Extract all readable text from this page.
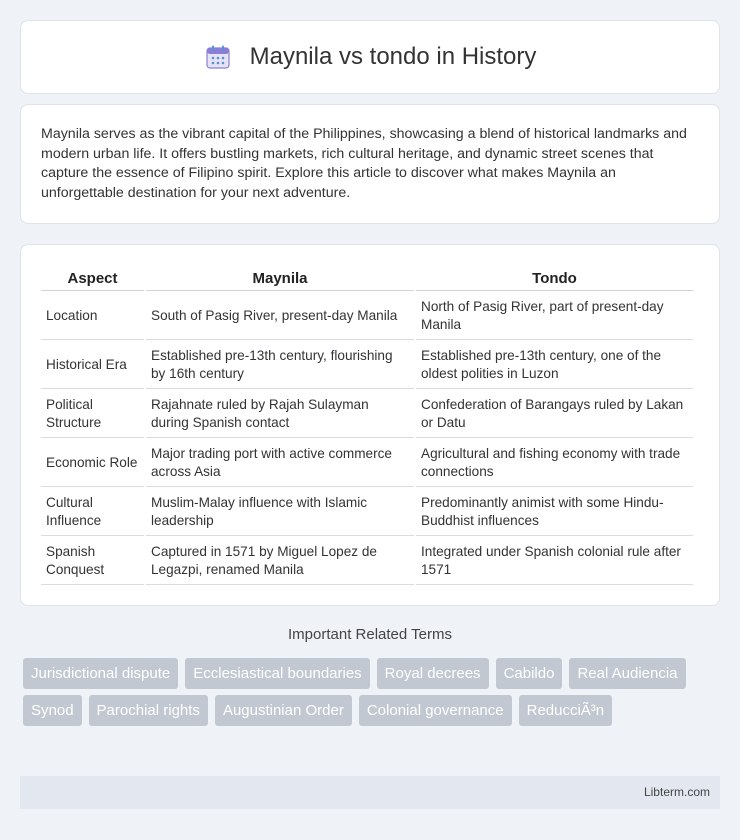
Maynila vs tondo in History

Maynila serves as the vibrant capital of the Philippines, showcasing a blend of historical landmarks and modern urban life. It offers bustling markets, rich cultural heritage, and dynamic street scenes that capture the essence of Filipino spirit. Explore this article to discover what makes Maynila an unforgettable destination for your next adventure.

Aspect	Maynila	Tondo
Location	South of Pasig River, present-day Manila	North of Pasig River, part of present-day Manila
Historical Era	Established pre-13th century, flourishing by 16th century	Established pre-13th century, one of the oldest polities in Luzon
Political Structure	Rajahnate ruled by Rajah Sulayman during Spanish contact	Confederation of Barangays ruled by Lakan or Datu
Economic Role	Major trading port with active commerce across Asia	Agricultural and fishing economy with trade connections
Cultural Influence	Muslim-Malay influence with Islamic leadership	Predominantly animist with some Hindu-Buddhist influences
Spanish Conquest	Captured in 1571 by Miguel Lopez de Legazpi, renamed Manila	Integrated under Spanish colonial rule after 1571
Important Related Terms
Jurisdictional dispute	Ecclesiastical boundaries	Royal decrees	Cabildo	Real Audiencia
Synod	Parochial rights	Augustinian Order	Colonial governance	ReducciÃ³n
Libterm.com
